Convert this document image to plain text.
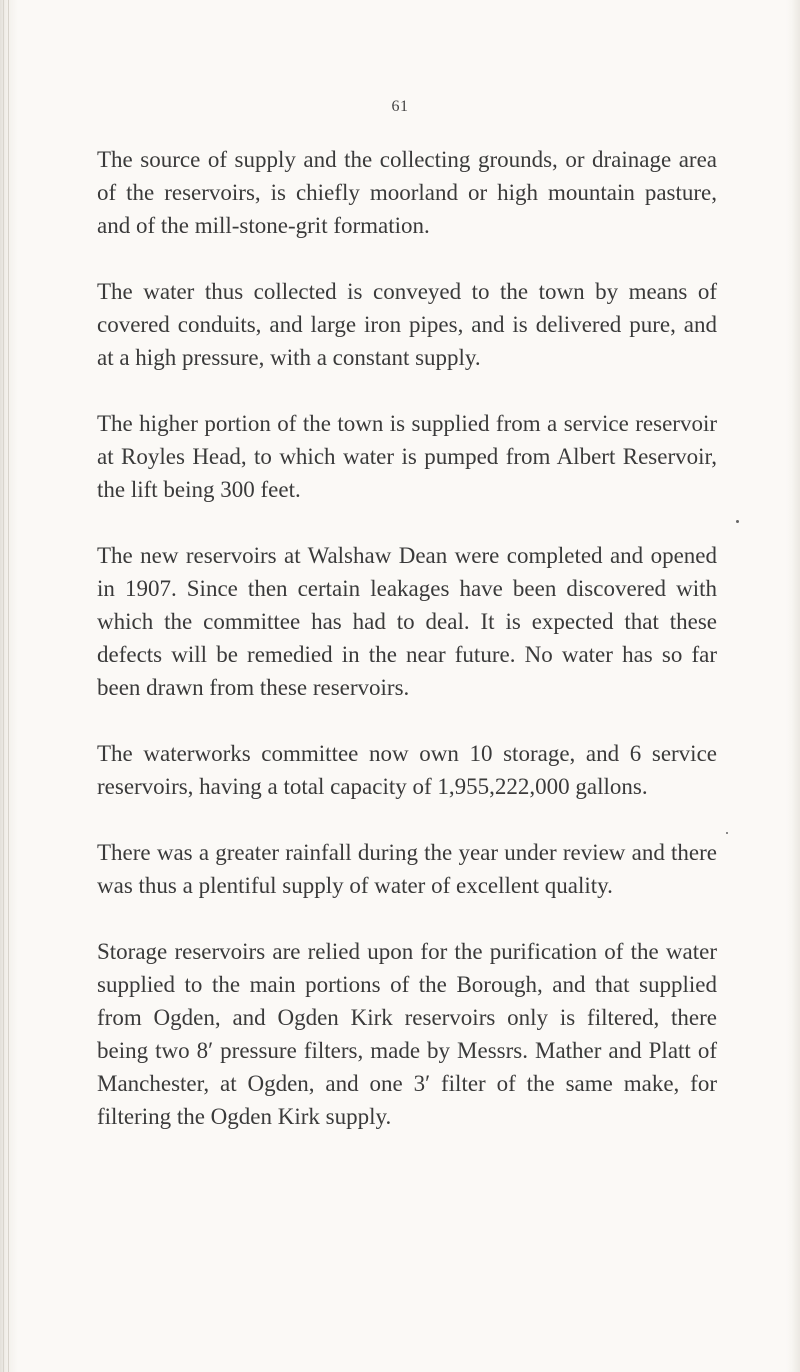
61

The source of supply and the collecting grounds, or drainage area of the reservoirs, is chiefly moorland or high mountain pasture, and of the mill-stone-grit formation.

The water thus collected is conveyed to the town by means of covered conduits, and large iron pipes, and is delivered pure, and at a high pressure, with a constant supply.

The higher portion of the town is supplied from a service reservoir at Royles Head, to which water is pumped from Albert Reservoir, the lift being 300 feet.

The new reservoirs at Walshaw Dean were completed and opened in 1907. Since then certain leakages have been discovered with which the committee has had to deal. It is expected that these defects will be remedied in the near future. No water has so far been drawn from these reservoirs.

The waterworks committee now own 10 storage, and 6 service reservoirs, having a total capacity of 1,955,222,000 gallons.

There was a greater rainfall during the year under review and there was thus a plentiful supply of water of excellent quality.

Storage reservoirs are relied upon for the purification of the water supplied to the main portions of the Borough, and that supplied from Ogden, and Ogden Kirk reservoirs only is filtered, there being two 8′ pressure filters, made by Messrs. Mather and Platt of Manchester, at Ogden, and one 3′ filter of the same make, for filtering the Ogden Kirk supply.
